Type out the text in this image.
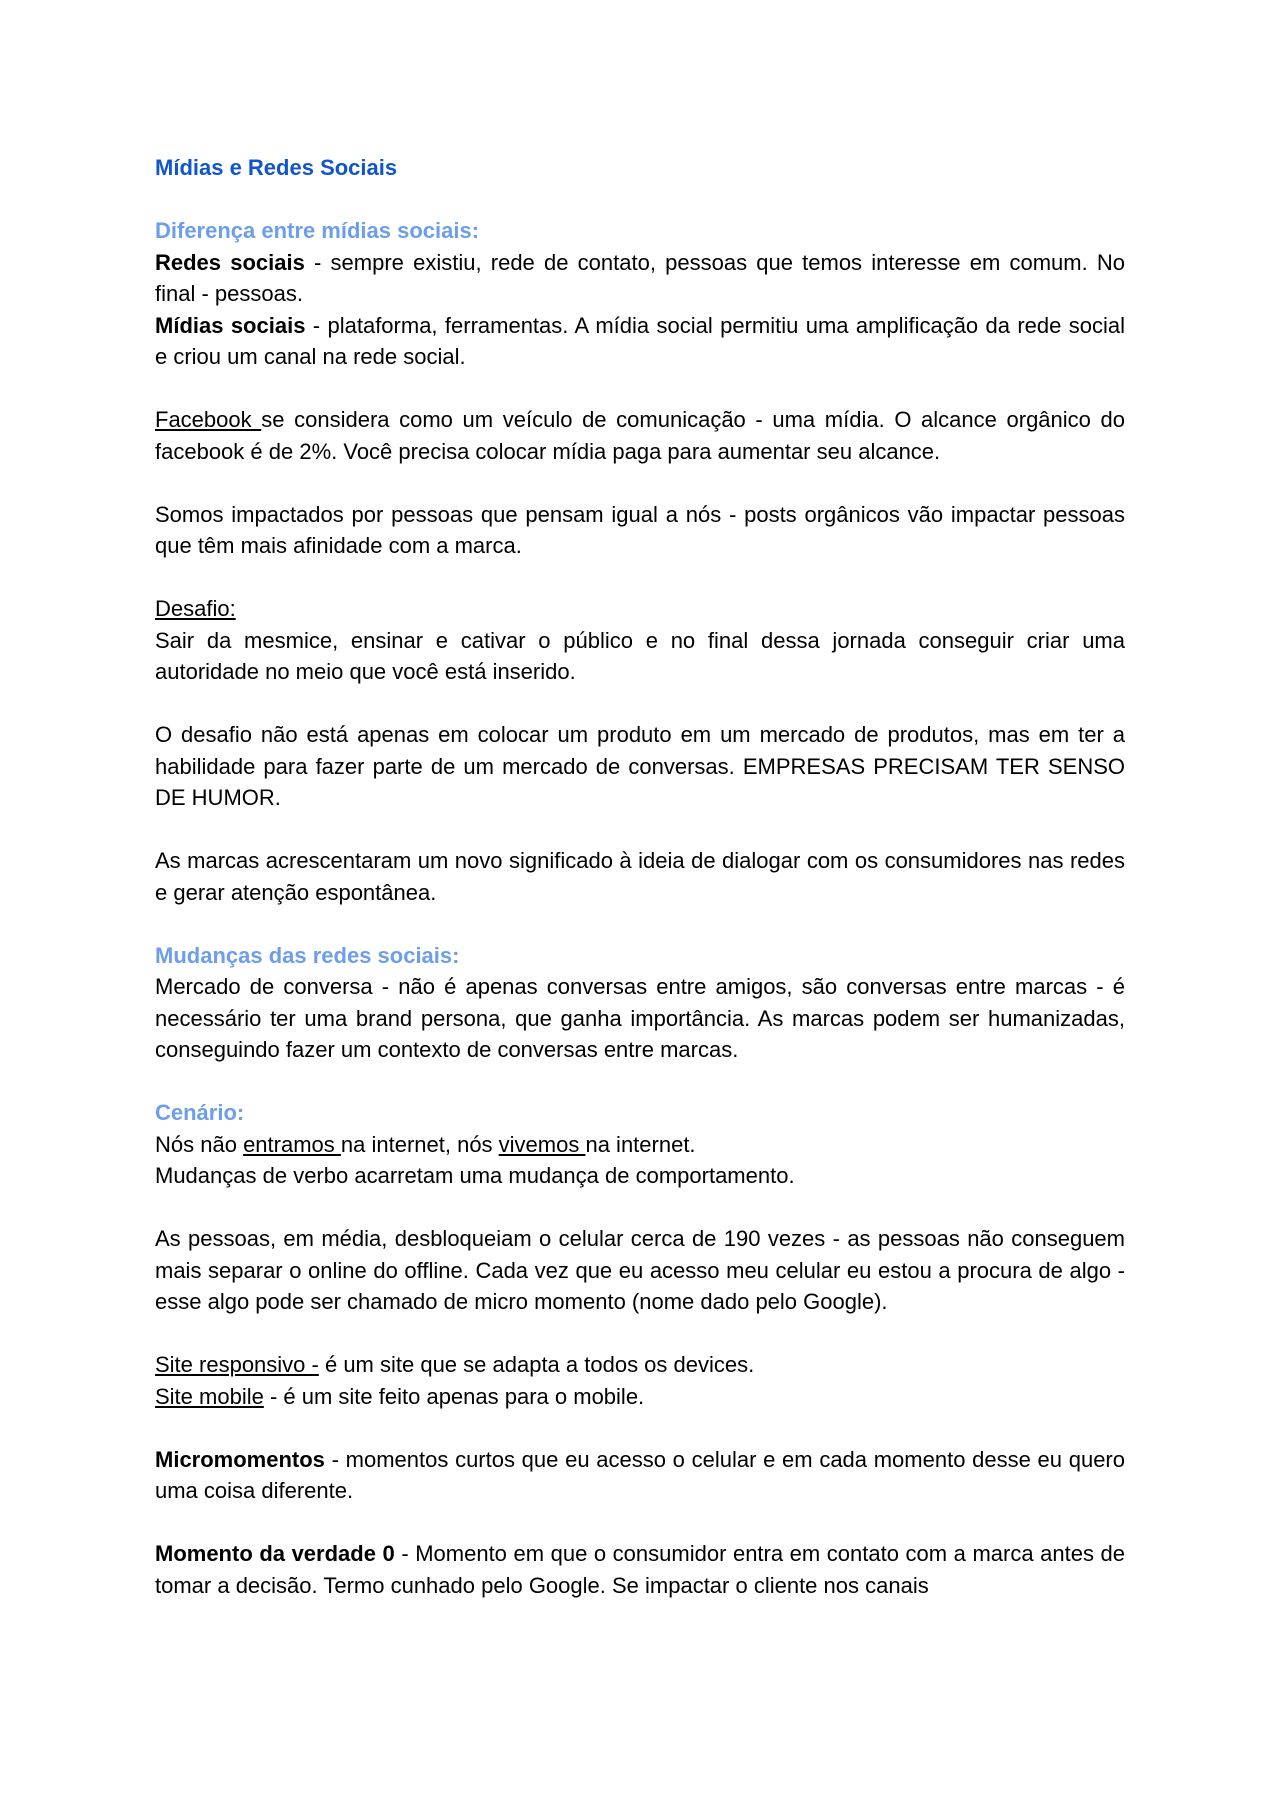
Mídias e Redes Sociais

Diferença entre mídias sociais:

Redes sociais - sempre existiu, rede de contato, pessoas que temos interesse em comum. No final - pessoas.

Mídias sociais - plataforma, ferramentas. A mídia social permitiu uma amplificação da rede social e criou um canal na rede social.

Facebook se considera como um veículo de comunicação - uma mídia. O alcance orgânico do facebook é de 2%. Você precisa colocar mídia paga para aumentar seu alcance.

Somos impactados por pessoas que pensam igual a nós - posts orgânicos vão impactar pessoas que têm mais afinidade com a marca.

Desafio:

Sair da mesmice, ensinar e cativar o público e no final dessa jornada conseguir criar uma autoridade no meio que você está inserido.

O desafio não está apenas em colocar um produto em um mercado de produtos, mas em ter a habilidade para fazer parte de um mercado de conversas. EMPRESAS PRECISAM TER SENSO DE HUMOR.

As marcas acrescentaram um novo significado à ideia de dialogar com os consumidores nas redes e gerar atenção espontânea.

Mudanças das redes sociais:

Mercado de conversa - não é apenas conversas entre amigos, são conversas entre marcas - é necessário ter uma brand persona, que ganha importância. As marcas podem ser humanizadas, conseguindo fazer um contexto de conversas entre marcas.

Cenário:

Nós não entramos na internet, nós vivemos na internet.

Mudanças de verbo acarretam uma mudança de comportamento.

As pessoas, em média, desbloqueiam o celular cerca de 190 vezes - as pessoas não conseguem mais separar o online do offline. Cada vez que eu acesso meu celular eu estou a procura de algo - esse algo pode ser chamado de micro momento (nome dado pelo Google).

Site responsivo - é um site que se adapta a todos os devices.

Site mobile - é um site feito apenas para o mobile.

Micromomentos - momentos curtos que eu acesso o celular e em cada momento desse eu quero uma coisa diferente.

Momento da verdade 0 - Momento em que o consumidor entra em contato com a marca antes de tomar a decisão. Termo cunhado pelo Google. Se impactar o cliente nos canais
